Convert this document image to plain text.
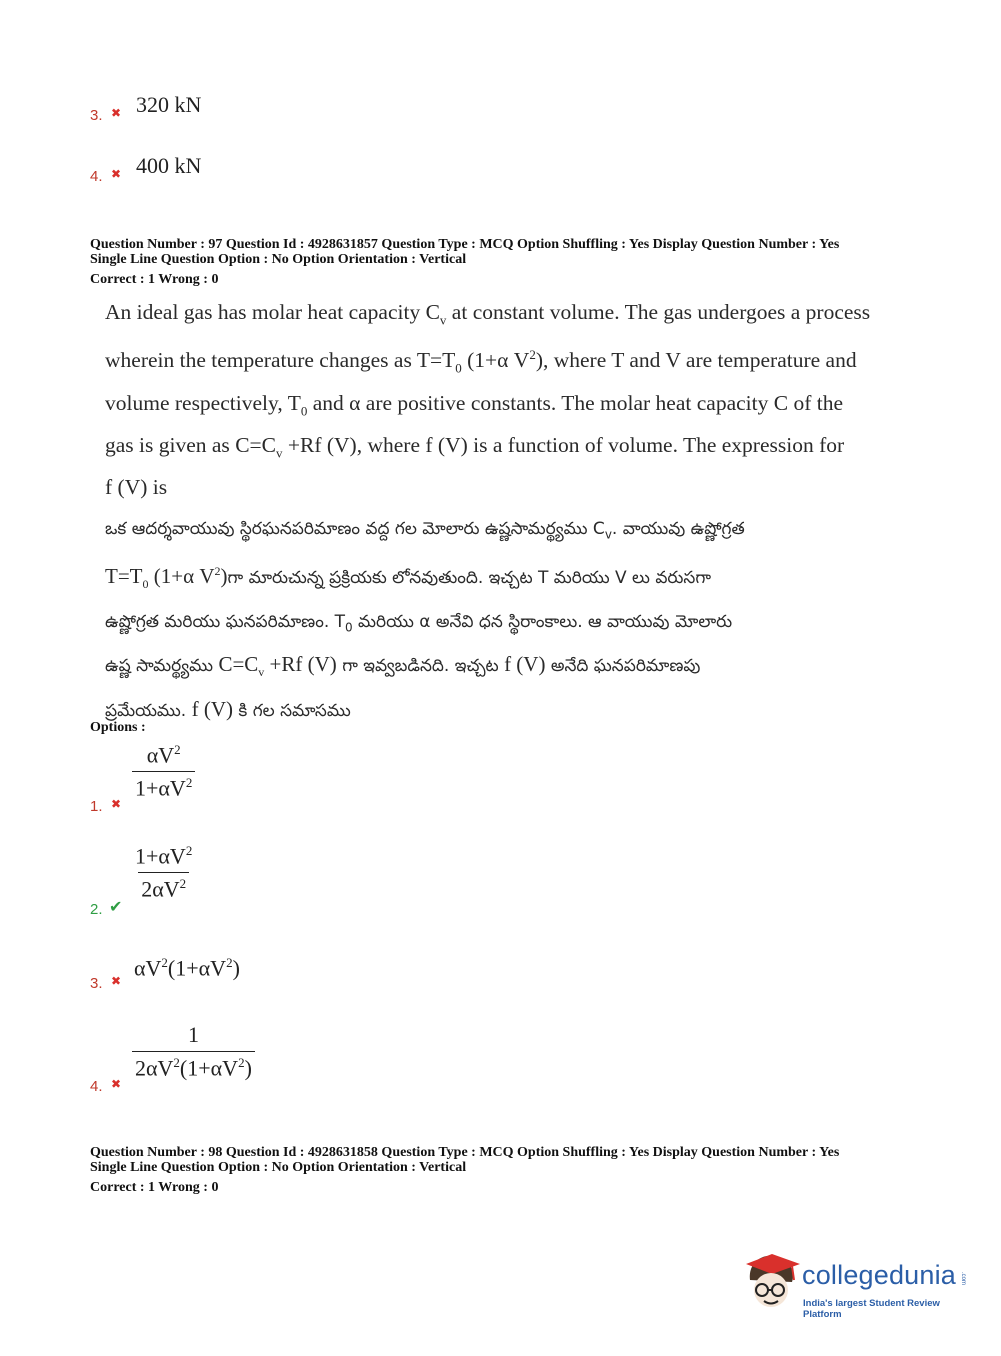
3. ✖ 320 kN
4. ✖ 400 kN
Question Number : 97 Question Id : 4928631857 Question Type : MCQ Option Shuffling : Yes Display Question Number : Yes
Single Line Question Option : No Option Orientation : Vertical
Correct : 1 Wrong : 0
An ideal gas has molar heat capacity $C_v$ at constant volume. The gas undergoes a process
wherein the temperature changes as $T=T_0$ (1+α $V^2$), where T and V are temperature and
volume respectively, $T_0$ and α are positive constants. The molar heat capacity C of the
gas is given as $C=C_v +Rf$ (V), where f (V) is a function of volume. The expression for
f (V) is
ఒక ఆదర్శవాయువు స్థిరఘనపరిమాణం వద్ద గల మోలారు ఉష్ణసామర్థ్యము $C_v$. వాయువు ఉష్ణోగ్రత
$T=T_0$ (1+α $V^2)గా$ మారుచున్న ప్రక్రియకు లోనవుతుంది. ఇచ్చట T మరియు V లు వరుసగా
ఉష్ణోగ్రత మరియు ఘనపరిమాణం. $T_0$ మరియు α అనేవి ధన స్థిరాంకాలు. ఆ వాయువు మోలారు
ఉష్ణ సామర్థ్యము $C=C_v +Rf$ (V) గా ఇవ్వబడినది. ఇచ్చట f (V) అనేది ఘనపరిమాణపు
ప్రమేయము. f (V) కి గల సమాసము
Options :
1. ✖
$\frac{\alpha V^2}{1+\alpha V^2}$
2. ✔
$\frac{1+\alpha V^2}{2\alpha V^2}$
3. ✖
$\alpha V^2(1+\alpha V^2)$
4. ✖
$\frac{1}{2\alpha V^2(1+\alpha V^2)}$
Question Number : 98 Question Id : 4928631858 Question Type : MCQ Option Shuffling : Yes Display Question Number : Yes
Single Line Question Option : No Option Orientation : Vertical
Correct : 1 Wrong : 0
collegedunia .com
India's largest Student Review Platform
